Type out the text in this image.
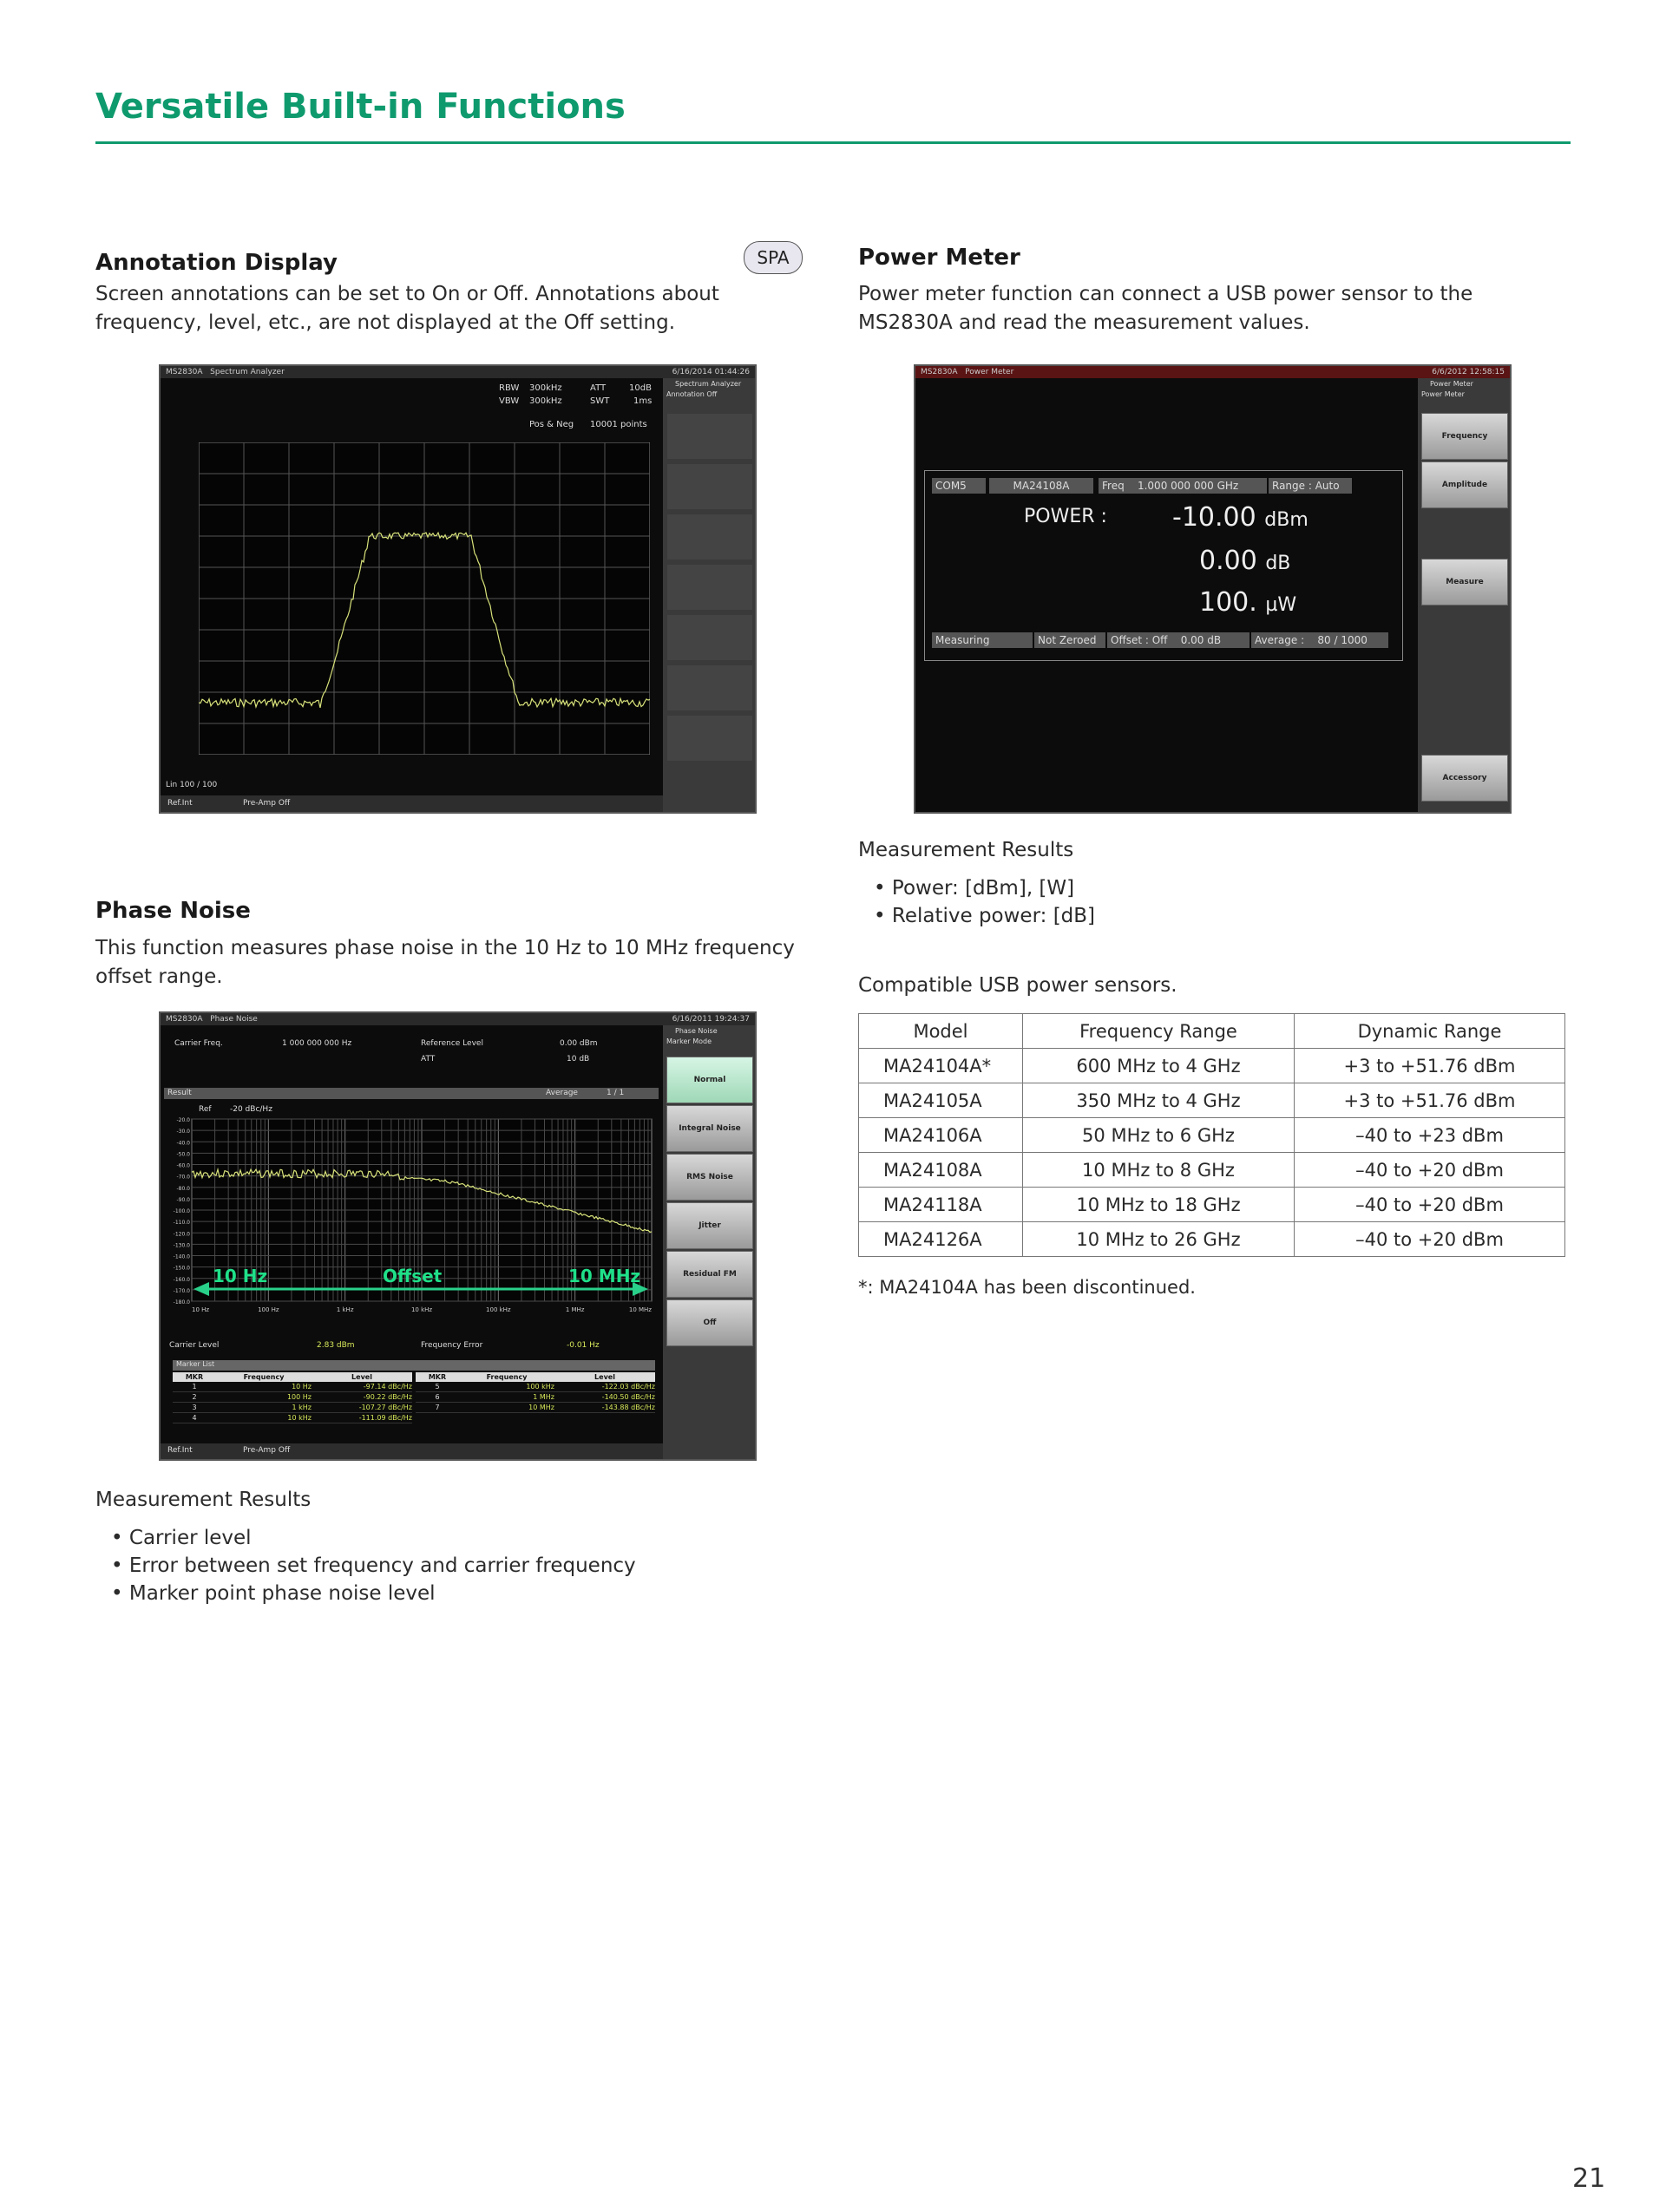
Versatile Built-in Functions
Annotation Display	SPA

Screen annotations can be set to On or Off. Annotations about frequency, level, etc., are not displayed at the Off setting.

MS2830A Spectrum Analyzer	6/16/2014 01:44:26
RBW 300kHz	ATT	10dB
VBW 300kHz	SWT	1ms
Pos & Neg 10001 points
Spectrum Analyzer
Annotation Off
Lin 100 / 100
Ref.Int	Pre-Amp Off
Phase Noise

This function measures phase noise in the 10 Hz to 10 MHz frequency offset range.

MS2830A Phase Noise	6/16/2011 19:24:37
Carrier Freq.	1 000 000 000 Hz	Reference Level	0.00 dBm
ATT	10 dB
Result	Average	1 / 1
Ref -20 dBc/Hz
-20.0
-30.0
-40.0
-50.0
-60.0
-70.0
-80.0
-90.0
-100.0
-110.0
-120.0
-130.0
-140.0
-150.0
-160.0
-170.0
-180.0
10 Hz	Offset	10 MHz
10 Hz	100 Hz	1 kHz	10 kHz	100 kHz	1 MHz	10 MHz
Carrier Level	2.83 dBm	Frequency Error	-0.01 Hz
Marker List
MKR	Frequency	Level
1	10 Hz	-97.14 dBc/Hz
2	100 Hz	-90.22 dBc/Hz
3	1 kHz	-107.27 dBc/Hz
4	10 kHz	-111.09 dBc/Hz
MKR	Frequency	Level
5	100 kHz	-122.03 dBc/Hz
6	1 MHz	-140.50 dBc/Hz
7	10 MHz	-143.88 dBc/Hz
Phase Noise
Marker Mode
Normal
Integral Noise
RMS Noise
Jitter
Residual FM
Off
Ref.Int	Pre-Amp Off
Measurement Results
• Carrier level
• Error between set frequency and carrier frequency
• Marker point phase noise level
Power Meter

Power meter function can connect a USB power sensor to the MS2830A and read the measurement values.

MS2830A Power Meter	6/6/2012 12:58:15
COM5	MA24108A	Freq 1.000 000 000 GHz	Range : Auto
POWER :	-10.00 dBm
0.00 dB
100. µW
Measuring	Not Zeroed	Offset : Off 0.00 dB	Average : 80 / 1000
Power Meter
Power Meter
Frequency
Amplitude
Measure
Accessory
Measurement Results
• Power: [dBm], [W]
• Relative power: [dB]
Compatible USB power sensors.
Model	Frequency Range	Dynamic Range
MA24104A*	600 MHz to 4 GHz	+3 to +51.76 dBm
MA24105A	350 MHz to 4 GHz	+3 to +51.76 dBm
MA24106A	50 MHz to 6 GHz	–40 to +23 dBm
MA24108A	10 MHz to 8 GHz	–40 to +20 dBm
MA24118A	10 MHz to 18 GHz	–40 to +20 dBm
MA24126A	10 MHz to 26 GHz	–40 to +20 dBm
*: MA24104A has been discontinued.
21
